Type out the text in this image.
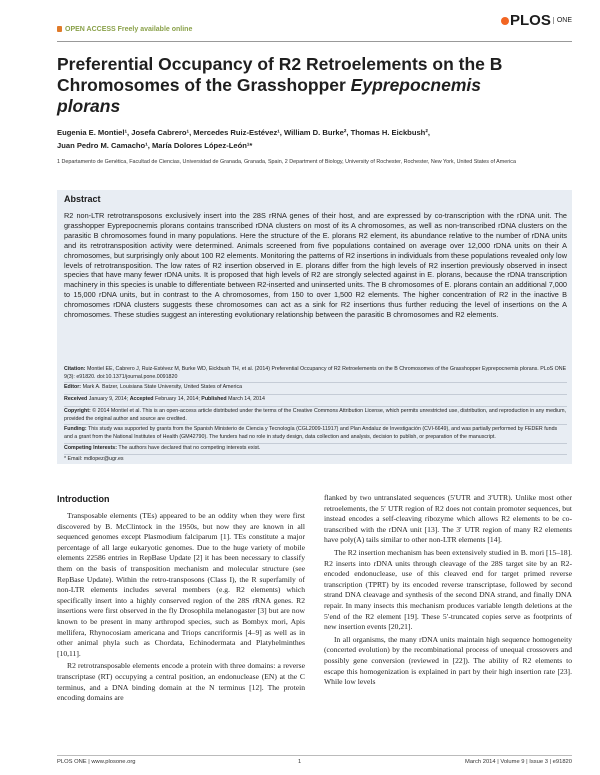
OPEN ACCESS Freely available online
PLOS $^{ONE}$
Preferential Occupancy of R2 Retroelements on the B Chromosomes of the Grasshopper Eyprepocnemis plorans
Eugenia E. Montiel¹, Josefa Cabrero¹, Mercedes Ruiz-Estévez¹, William D. Burke², Thomas H. Eickbush²,
Juan Pedro M. Camacho¹, María Dolores López-León¹*
1 Departamento de Genética, Facultad de Ciencias, Universidad de Granada, Granada, Spain, 2 Department of Biology, University of Rochester, Rochester, New York, United States of America
Abstract
R2 non-LTR retrotransposons exclusively insert into the 28S rRNA genes of their host, and are expressed by co-transcription with the rDNA unit. The grasshopper Eyprepocnemis plorans contains transcribed rDNA clusters on most of its A chromosomes, as well as non-transcribed rDNA clusters on the parasitic B chromosomes found in many populations. Here the structure of the E. plorans R2 element, its abundance relative to the number of rDNA units and its retrotransposition activity were determined. Animals screened from five populations contained on average over 12,000 rDNA units on their A chromosomes, but surprisingly only about 100 R2 elements. Monitoring the patterns of R2 insertions in individuals from these populations revealed only low levels of retrotransposition. The low rates of R2 insertion observed in E. plorans differ from the high levels of R2 insertion previously observed in insect species that have many fewer rDNA units. It is proposed that high levels of R2 are strongly selected against in E. plorans, because the rDNA transcription machinery in this species is unable to differentiate between R2-inserted and uninserted units. The B chromosomes of E. plorans contain an additional 7,000 to 15,000 rDNA units, but in contrast to the A chromosomes, from 150 to over 1,500 R2 elements. The higher concentration of R2 in the inactive B chromosomes rDNA clusters suggests these chromosomes can act as a sink for R2 insertions thus further reducing the level of insertions on the A chromosomes. These studies suggest an interesting evolutionary relationship between the parasitic B chromosomes and R2 elements.
Citation: Montiel EE, Cabrero J, Ruiz-Estévez M, Burke WD, Eickbush TH, et al. (2014) Preferential Occupancy of R2 Retroelements on the B Chromosomes of the Grasshopper Eyprepocnemis plorans. PLoS ONE 9(3): e91820. doi:10.1371/journal.pone.0091820
Editor: Mark A. Batzer, Louisiana State University, United States of America
Received January 9, 2014; Accepted February 14, 2014; Published March 14, 2014
Copyright: © 2014 Montiel et al. This is an open-access article distributed under the terms of the Creative Commons Attribution License, which permits unrestricted use, distribution, and reproduction in any medium, provided the original author and source are credited.
Funding: This study was supported by grants from the Spanish Ministerio de Ciencia y Tecnología (CGL2009-11917) and Plan Andaluz de Investigación (CVI-6649), and was partially performed by FEDER funds and a grant from the National Institutes of Health (GM42790). The funders had no role in study design, data collection and analysis, decision to publish, or preparation of the manuscript.
Competing Interests: The authors have declared that no competing interests exist.
* Email: mdlopez@ugr.es
Introduction

Transposable elements (TEs) appeared to be an oddity when they were first discovered by B. McClintock in the 1950s, but now they are known in all sequenced genomes except Plasmodium falciparum [1]. TEs constitute a major percentage of all large eukaryotic genomes. Due to the huge variety of mobile elements 22586 entries in RepBase Update [2] it has been necessary to classify them on the basis of transposition mechanism and molecular structure (see RepBase Update). Within the retro-transposons (Class I), the R superfamily of non-LTR elements includes several members (e.g. R2 elements) which specifically insert into a highly conserved region of the 28S rRNA genes. R2 insertions were first observed in the fly Drosophila melanogaster [3] but are now known to be present in many arthropod species, such as Bombyx mori, Apis mellifera, Rhynocosiam americana and Triops cancriformis [4–9] as well as in other animal phyla such as Chordata, Echinodermata and Platyhelminthes [10,11].

R2 retrotransposable elements encode a protein with three domains: a reverse transcriptase (RT) occupying a central position, an endonuclease (EN) at the C terminus, and a DNA binding domain at the N terminus [12]. The protein encoding domains are

flanked by two untranslated sequences (5′UTR and 3′UTR). Unlike most other retroelements, the 5′ UTR region of R2 does not contain promoter sequences, but instead encodes a self-cleaving ribozyme which allows R2 elements to be co-transcribed with the rDNA unit [13]. The 3′ UTR region of many R2 elements have poly(A) tails similar to other non-LTR elements [14].

The R2 insertion mechanism has been extensively studied in B. mori [15–18]. R2 inserts into rDNA units through cleavage of the 28S target site by an R2-encoded endonuclease, use of this cleaved end for target primed reverse transcription (TPRT) by its encoded reverse transcriptase, followed by second strand DNA cleavage and synthesis of the second DNA strand, and finally DNA repair. In many insects this mechanism produces variable length deletions at the 5′end of the R2 element [19]. These 5′-truncated copies serve as footprints of new insertion events [20,21].

In all organisms, the many rDNA units maintain high sequence homogeneity (concerted evolution) by the recombinational process of unequal crossovers and possibly gene conversion (reviewed in [22]). The ability of R2 elements to escape this homogenization is explained in part by their high insertion rate [23]. While low levels

PLOS ONE | www.plosone.org	1	March 2014 | Volume 9 | Issue 3 | e91820
